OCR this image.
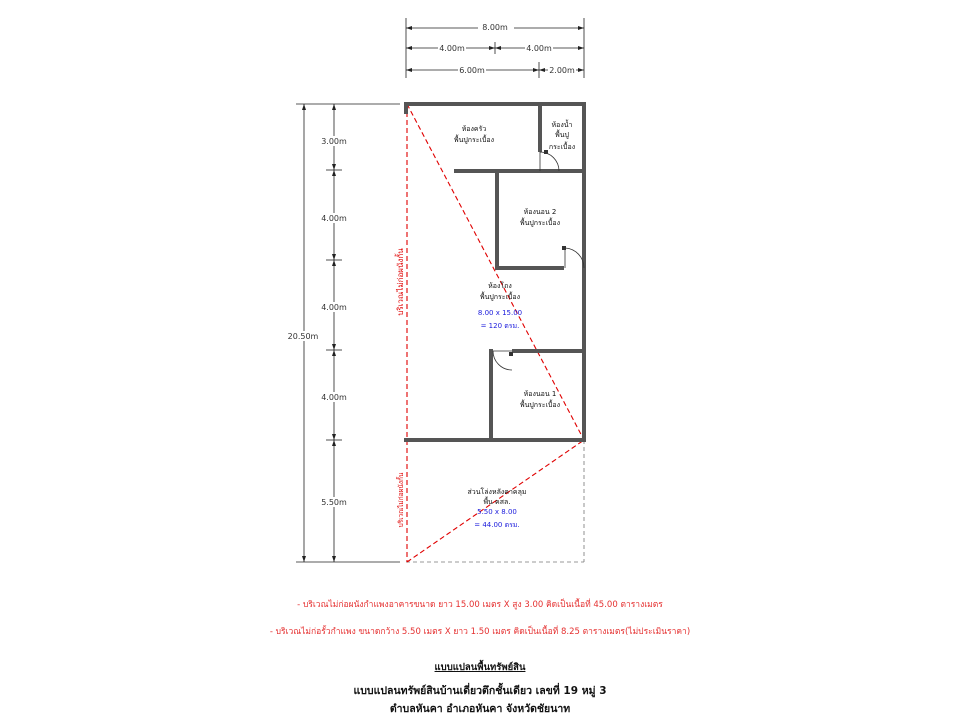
8.00m
4.00m	4.00m
6.00m	2.00m
20.50m
3.00m
4.00m
4.00m
4.00m
5.50m
ห้องครัว
พื้นปูกระเบื้อง
ห้องน้ำ
พื้นปู
กระเบื้อง
ห้องนอน 2
พื้นปูกระเบื้อง
ห้องโถง
พื้นปูกระเบื้อง
8.00 x 15.00
= 120 ตรม.
ห้องนอน 1
พื้นปูกระเบื้อง
ส่วนโล่งหลังคาคลุม
พื้น คสล.
5.50 x 8.00
= 44.00 ตรม.
บริเวณไม่ก่อผนังกั้น
บริเวณไม่ก่อผนังกั้น
- บริเวณไม่ก่อผนังกำแพงอาคารขนาด ยาว 15.00 เมตร X สูง 3.00 คิดเป็นเนื้อที่ 45.00 ตารางเมตร
- บริเวณไม่ก่อรั้วกำแพง ขนาดกว้าง 5.50 เมตร X ยาว 1.50 เมตร คิดเป็นเนื้อที่ 8.25 ตารางเมตร(ไม่ประเมินราคา)
แบบแปลนพื้นทรัพย์สิน
แบบแปลนทรัพย์สินบ้านเดี่ยวตึกชั้นเดียว เลขที่ 19 หมู่ 3
ตำบลหันคา อำเภอหันคา จังหวัดชัยนาท
